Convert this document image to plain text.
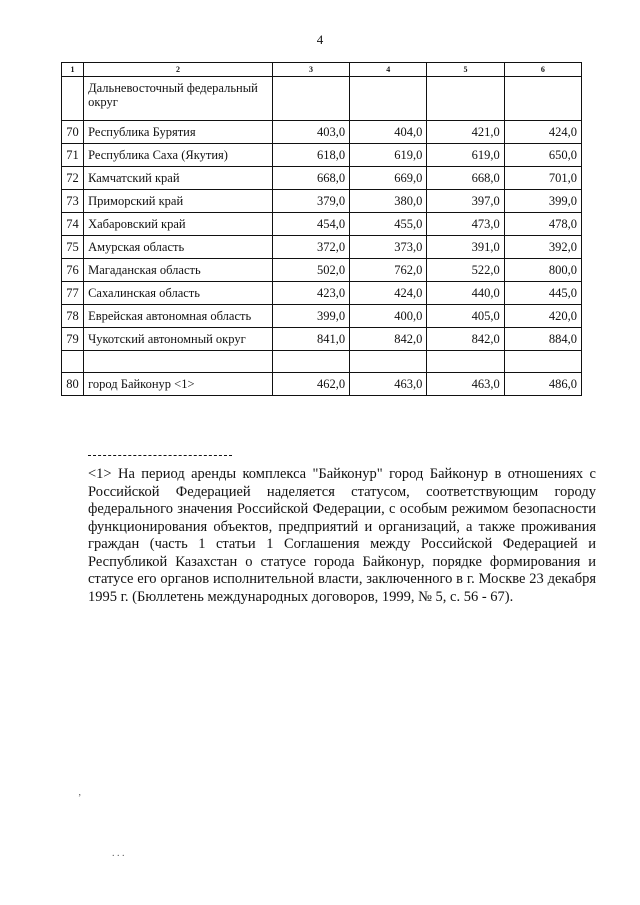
4
1	2	3	4	5	6
	Дальневосточный федеральный округ				
70	Республика Бурятия	403,0	404,0	421,0	424,0
71	Республика Саха (Якутия)	618,0	619,0	619,0	650,0
72	Камчатский край	668,0	669,0	668,0	701,0
73	Приморский край	379,0	380,0	397,0	399,0
74	Хабаровский край	454,0	455,0	473,0	478,0
75	Амурская область	372,0	373,0	391,0	392,0
76	Магаданская область	502,0	762,0	522,0	800,0
77	Сахалинская область	423,0	424,0	440,0	445,0
78	Еврейская автономная область	399,0	400,0	405,0	420,0
79	Чукотский автономный округ	841,0	842,0	842,0	884,0

80	город Байконур <1>	462,0	463,0	463,0	486,0
<1> На период аренды комплекса "Байконур" город Байконур в отношениях с Российской Федерацией наделяется статусом, соответствующим городу федерального значения Российской Федерации, с особым режимом безопасности функционирования объектов, предприятий и организаций, а также проживания граждан (часть 1 статьи 1 Соглашения между Российской Федерацией и Республикой Казахстан о статусе города Байконур, порядке формирования и статусе его органов исполнительной власти, заключенного в г. Москве 23 декабря 1995 г. (Бюллетень международных договоров, 1999, № 5, с. 56 - 67).
ʼ
. . .
